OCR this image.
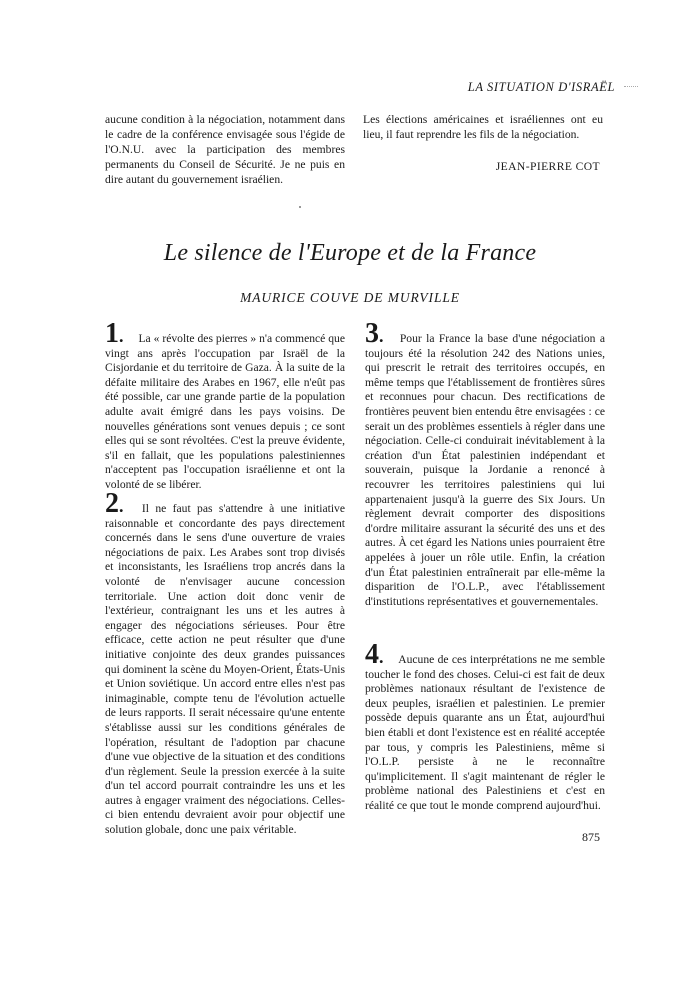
LA SITUATION D'ISRAËL
aucune condition à la négociation, notamment dans le cadre de la conférence envisagée sous l'égide de l'O.N.U. avec la participation des membres permanents du Conseil de Sécurité. Je ne puis en dire autant du gouvernement israélien.
Les élections américaines et israéliennes ont eu lieu, il faut reprendre les fils de la négociation.
JEAN-PIERRE COT
Le silence de l'Europe et de la France
MAURICE COUVE DE MURVILLE
1. La « révolte des pierres » n'a commencé que vingt ans après l'occupation par Israël de la Cisjordanie et du territoire de Gaza. À la suite de la défaite militaire des Arabes en 1967, elle n'eût pas été possible, car une grande partie de la population adulte avait émigré dans les pays voisins. De nouvelles générations sont venues depuis ; ce sont elles qui se sont révoltées. C'est la preuve évidente, s'il en fallait, que les populations palestiniennes n'acceptent pas l'occupation israélienne et ont la volonté de se libérer.
2. Il ne faut pas s'attendre à une initiative raisonnable et concordante des pays directement concernés dans le sens d'une ouverture de vraies négociations de paix. Les Arabes sont trop divisés et inconsistants, les Israéliens trop ancrés dans la volonté de n'envisager aucune concession territoriale. Une action doit donc venir de l'extérieur, contraignant les uns et les autres à engager des négociations sérieuses. Pour être efficace, cette action ne peut résulter que d'une initiative conjointe des deux grandes puissances qui dominent la scène du Moyen-Orient, États-Unis et Union soviétique. Un accord entre elles n'est pas inimaginable, compte tenu de l'évolution actuelle de leurs rapports. Il serait nécessaire qu'une entente s'établisse aussi sur les conditions générales de l'opération, résultant de l'adoption par chacune d'une vue objective de la situation et des conditions d'un règlement. Seule la pression exercée à la suite d'un tel accord pourrait contraindre les uns et les autres à engager vraiment des négociations. Celles-ci bien entendu devraient avoir pour objectif une solution globale, donc une paix véritable.
3. Pour la France la base d'une négociation a toujours été la résolution 242 des Nations unies, qui prescrit le retrait des territoires occupés, en même temps que l'établissement de frontières sûres et reconnues pour chacun. Des rectifications de frontières peuvent bien entendu être envisagées : ce serait un des problèmes essentiels à régler dans une négociation. Celle-ci conduirait inévitablement à la création d'un État palestinien indépendant et souverain, puisque la Jordanie a renoncé à recouvrer les territoires palestiniens qui lui appartenaient jusqu'à la guerre des Six Jours. Un règlement devrait comporter des dispositions d'ordre militaire assurant la sécurité des uns et des autres. À cet égard les Nations unies pourraient être appelées à jouer un rôle utile. Enfin, la création d'un État palestinien entraînerait par elle-même la disparition de l'O.L.P., avec l'établissement d'institutions représentatives et gouvernementales.
4. Aucune de ces interprétations ne me semble toucher le fond des choses. Celui-ci est fait de deux problèmes nationaux résultant de l'existence de deux peuples, israélien et palestinien. Le premier possède depuis quarante ans un État, aujourd'hui bien établi et dont l'existence est en réalité acceptée par tous, y compris les Palestiniens, même si l'O.L.P. persiste à ne le reconnaître qu'implicitement. Il s'agit maintenant de régler le problème national des Palestiniens et c'est en réalité ce que tout le monde comprend aujourd'hui.
875
